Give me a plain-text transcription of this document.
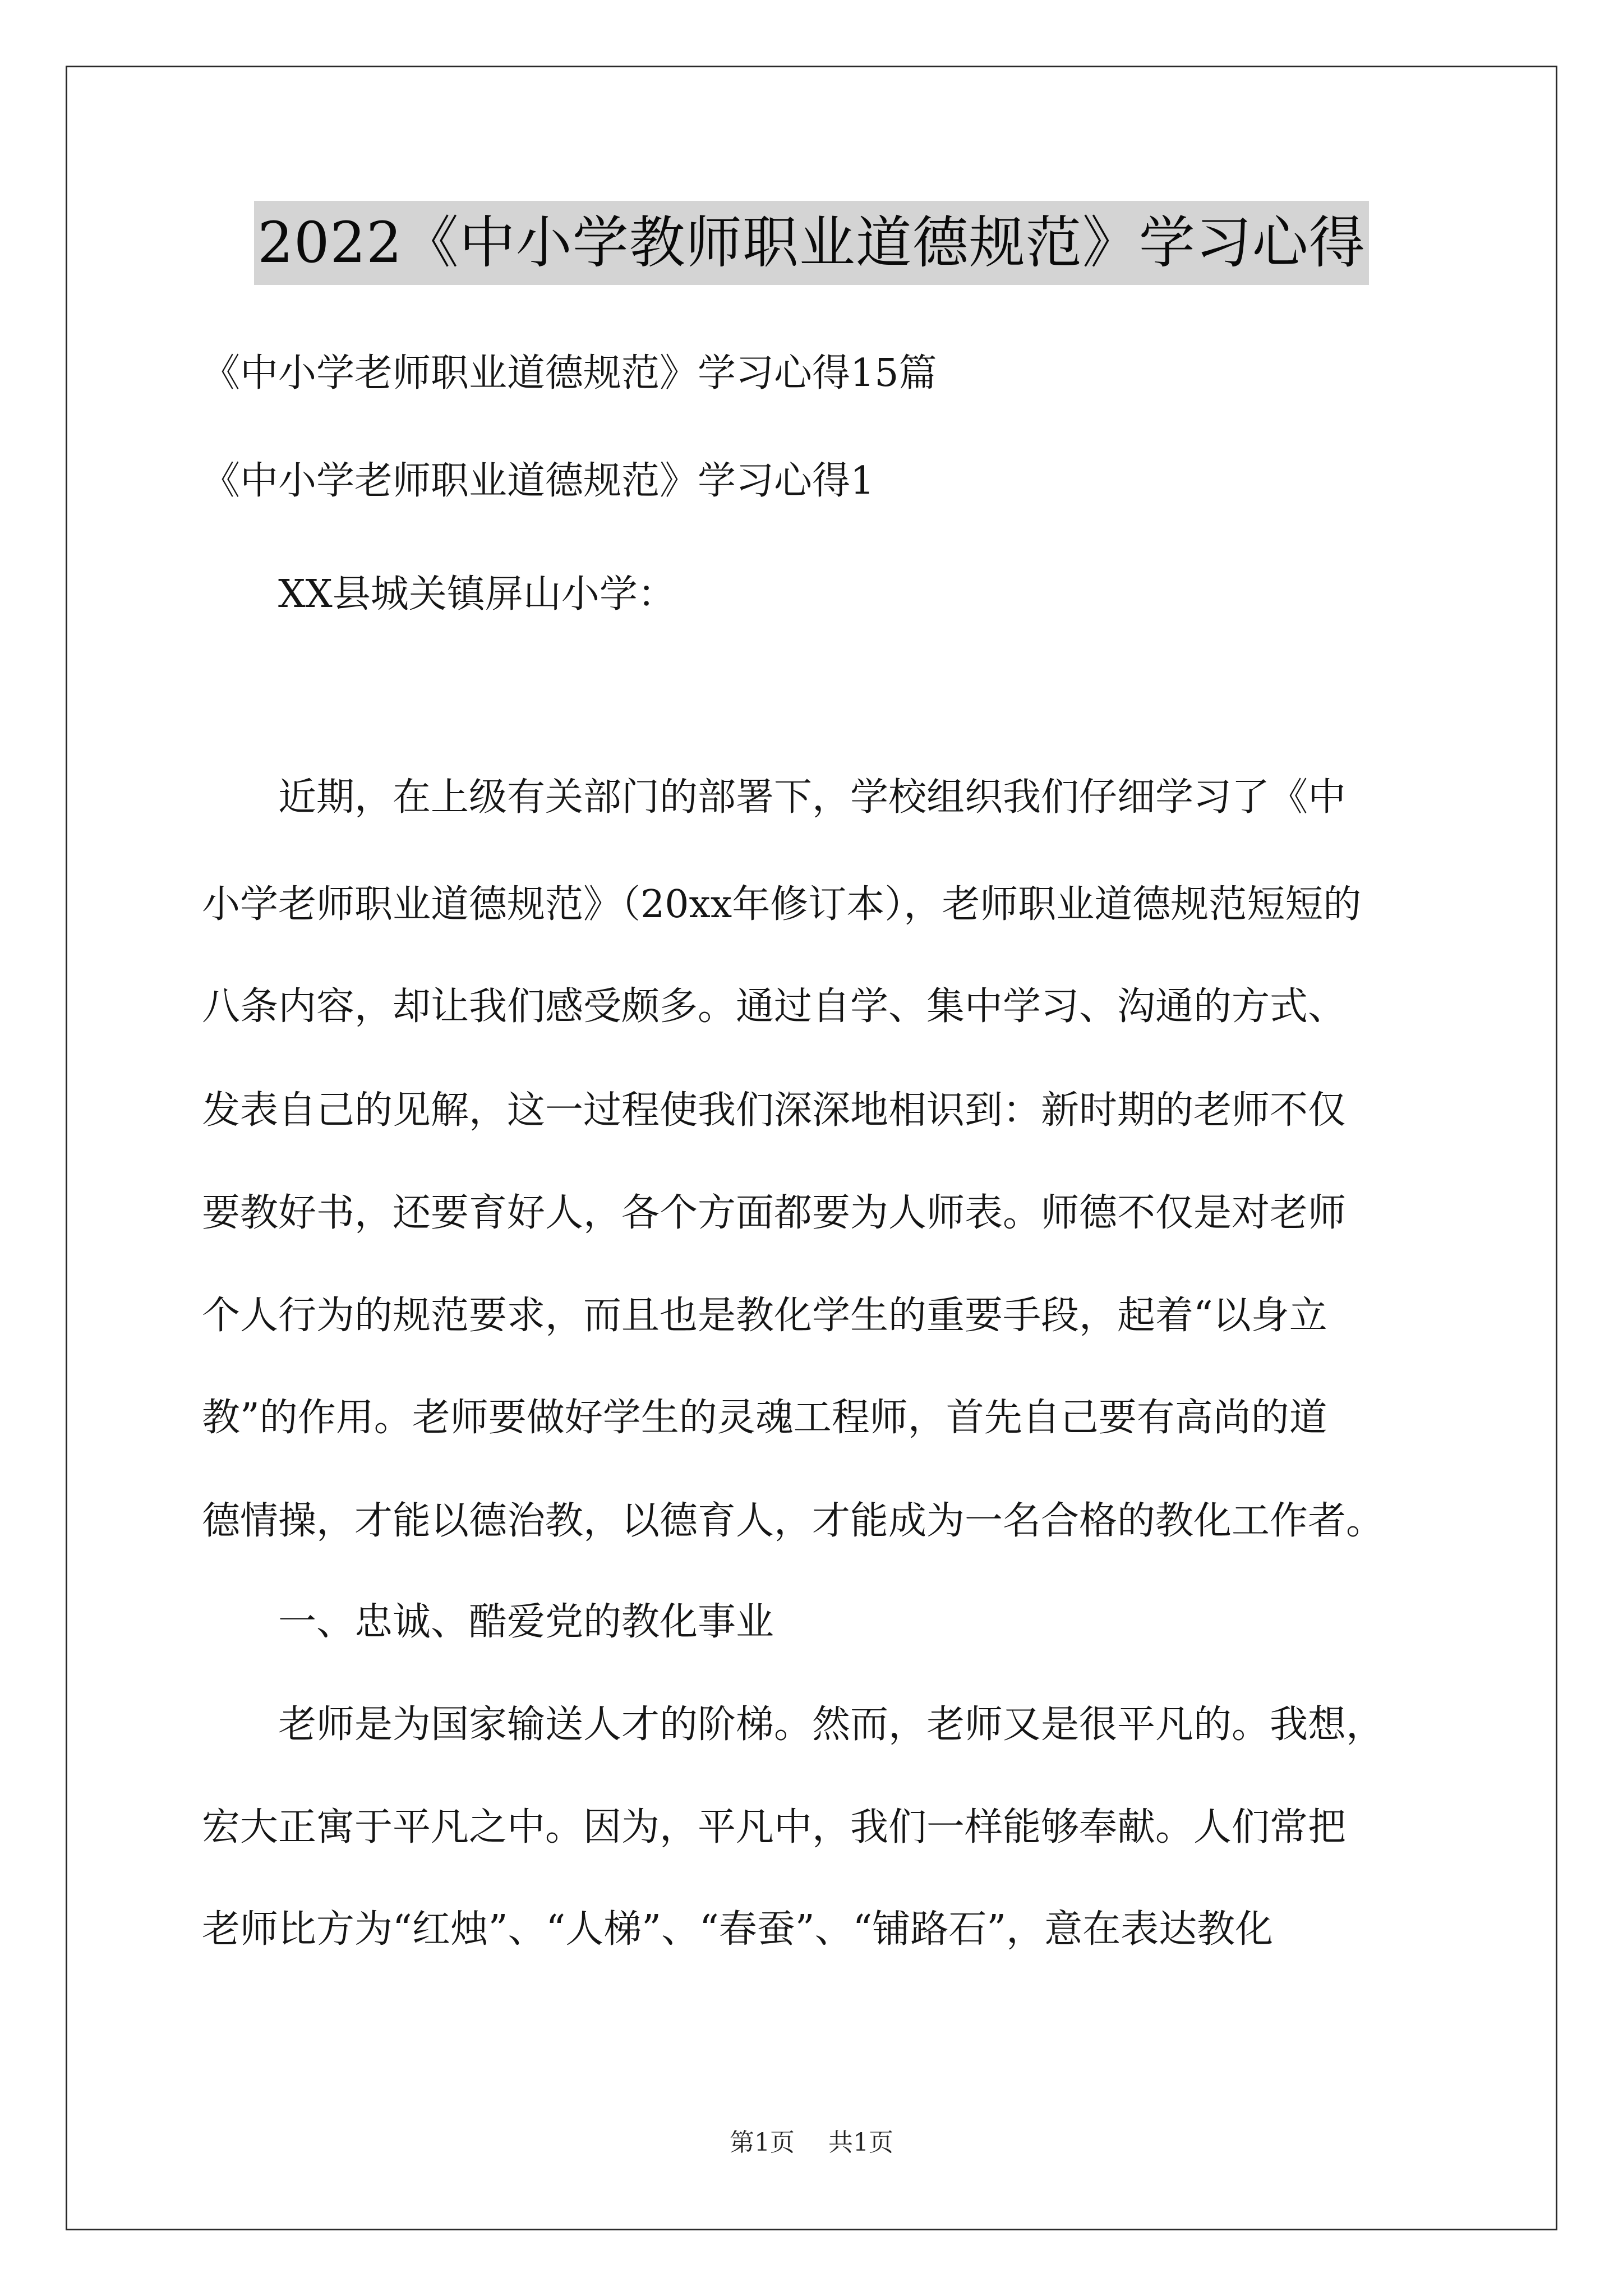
2022《中小学教师职业道德规范》学习心得
《中小学老师职业道德规范》学习心得15篇
《中小学老师职业道德规范》学习心得1
　　XX县城关镇屏山小学：
　　近期，在上级有关部门的部署下，学校组织我们仔细学习了《中
小学老师职业道德规范》（20xx年修订本），老师职业道德规范短短的
八条内容，却让我们感受颇多。通过自学、集中学习、沟通的方式、
发表自己的见解，这一过程使我们深深地相识到：新时期的老师不仅
要教好书，还要育好人，各个方面都要为人师表。师德不仅是对老师
个人行为的规范要求，而且也是教化学生的重要手段，起着“以身立
教”的作用。老师要做好学生的灵魂工程师，首先自己要有高尚的道
德情操，才能以德治教，以德育人，才能成为一名合格的教化工作者。
　　一、忠诚、酷爱党的教化事业
　　老师是为国家输送人才的阶梯。然而，老师又是很平凡的。我想，
宏大正寓于平凡之中。因为，平凡中，我们一样能够奉献。人们常把
老师比方为“红烛”、“人梯”、“春蚕”、“铺路石”，意在表达教化
第1页 共1页
